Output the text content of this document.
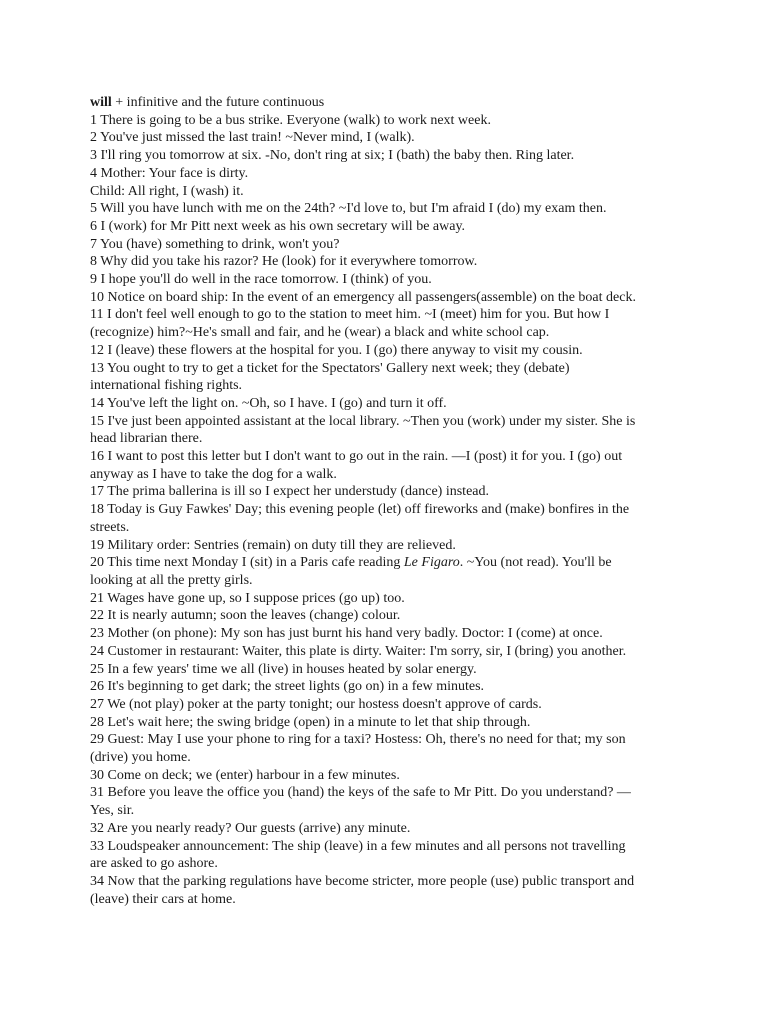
will + infinitive and the future continuous

1 There is going to be a bus strike. Everyone (walk) to work next week.

2 You've just missed the last train! ~Never mind, I (walk).

3 I'll ring you tomorrow at six. -No, don't ring at six; I (bath) the baby then. Ring later.

4 Mother: Your face is dirty.

Child: All right, I (wash) it.

5 Will you have lunch with me on the 24th? ~I'd love to, but I'm afraid I (do) my exam then.

6 I (work) for Mr Pitt next week as his own secretary will be away.

7 You (have) something to drink, won't you?

8 Why did you take his razor? He (look) for it everywhere tomorrow.

9 I hope you'll do well in the race tomorrow. I (think) of you.

10 Notice on board ship: In the event of an emergency all passengers(assemble) on the boat deck.

11 I don't feel well enough to go to the station to meet him. ~I (meet) him for you. But how I

(recognize) him?~He's small and fair, and he (wear) a black and white school cap.

12 I (leave) these flowers at the hospital for you. I (go) there anyway to visit my cousin.

13 You ought to try to get a ticket for the Spectators' Gallery next week; they (debate)

international fishing rights.

14 You've left the light on. ~Oh, so I have. I (go) and turn it off.

15 I've just been appointed assistant at the local library. ~Then you (work) under my sister. She is

head librarian there.

16 I want to post this letter but I don't want to go out in the rain. —I (post) it for you. I (go) out

anyway as I have to take the dog for a walk.

17 The prima ballerina is ill so I expect her understudy (dance) instead.

18 Today is Guy Fawkes' Day; this evening people (let) off fireworks and (make) bonfires in the

streets.

19 Military order: Sentries (remain) on duty till they are relieved.

20 This time next Monday I (sit) in a Paris cafe reading Le Figaro. ~You (not read). You'll be

looking at all the pretty girls.

21 Wages have gone up, so I suppose prices (go up) too.

22 It is nearly autumn; soon the leaves (change) colour.

23 Mother (on phone): My son has just burnt his hand very badly. Doctor: I (come) at once.

24 Customer in restaurant: Waiter, this plate is dirty. Waiter: I'm sorry, sir, I (bring) you another.

25 In a few years' time we all (live) in houses heated by solar energy.

26 It's beginning to get dark; the street lights (go on) in a few minutes.

27 We (not play) poker at the party tonight; our hostess doesn't approve of cards.

28 Let's wait here; the swing bridge (open) in a minute to let that ship through.

29 Guest: May I use your phone to ring for a taxi? Hostess: Oh, there's no need for that; my son

(drive) you home.

30 Come on deck; we (enter) harbour in a few minutes.

31 Before you leave the office you (hand) the keys of the safe to Mr Pitt. Do you understand? —

Yes, sir.

32 Are you nearly ready? Our guests (arrive) any minute.

33 Loudspeaker announcement: The ship (leave) in a few minutes and all persons not travelling

are asked to go ashore.

34 Now that the parking regulations have become stricter, more people (use) public transport and

(leave) their cars at home.
